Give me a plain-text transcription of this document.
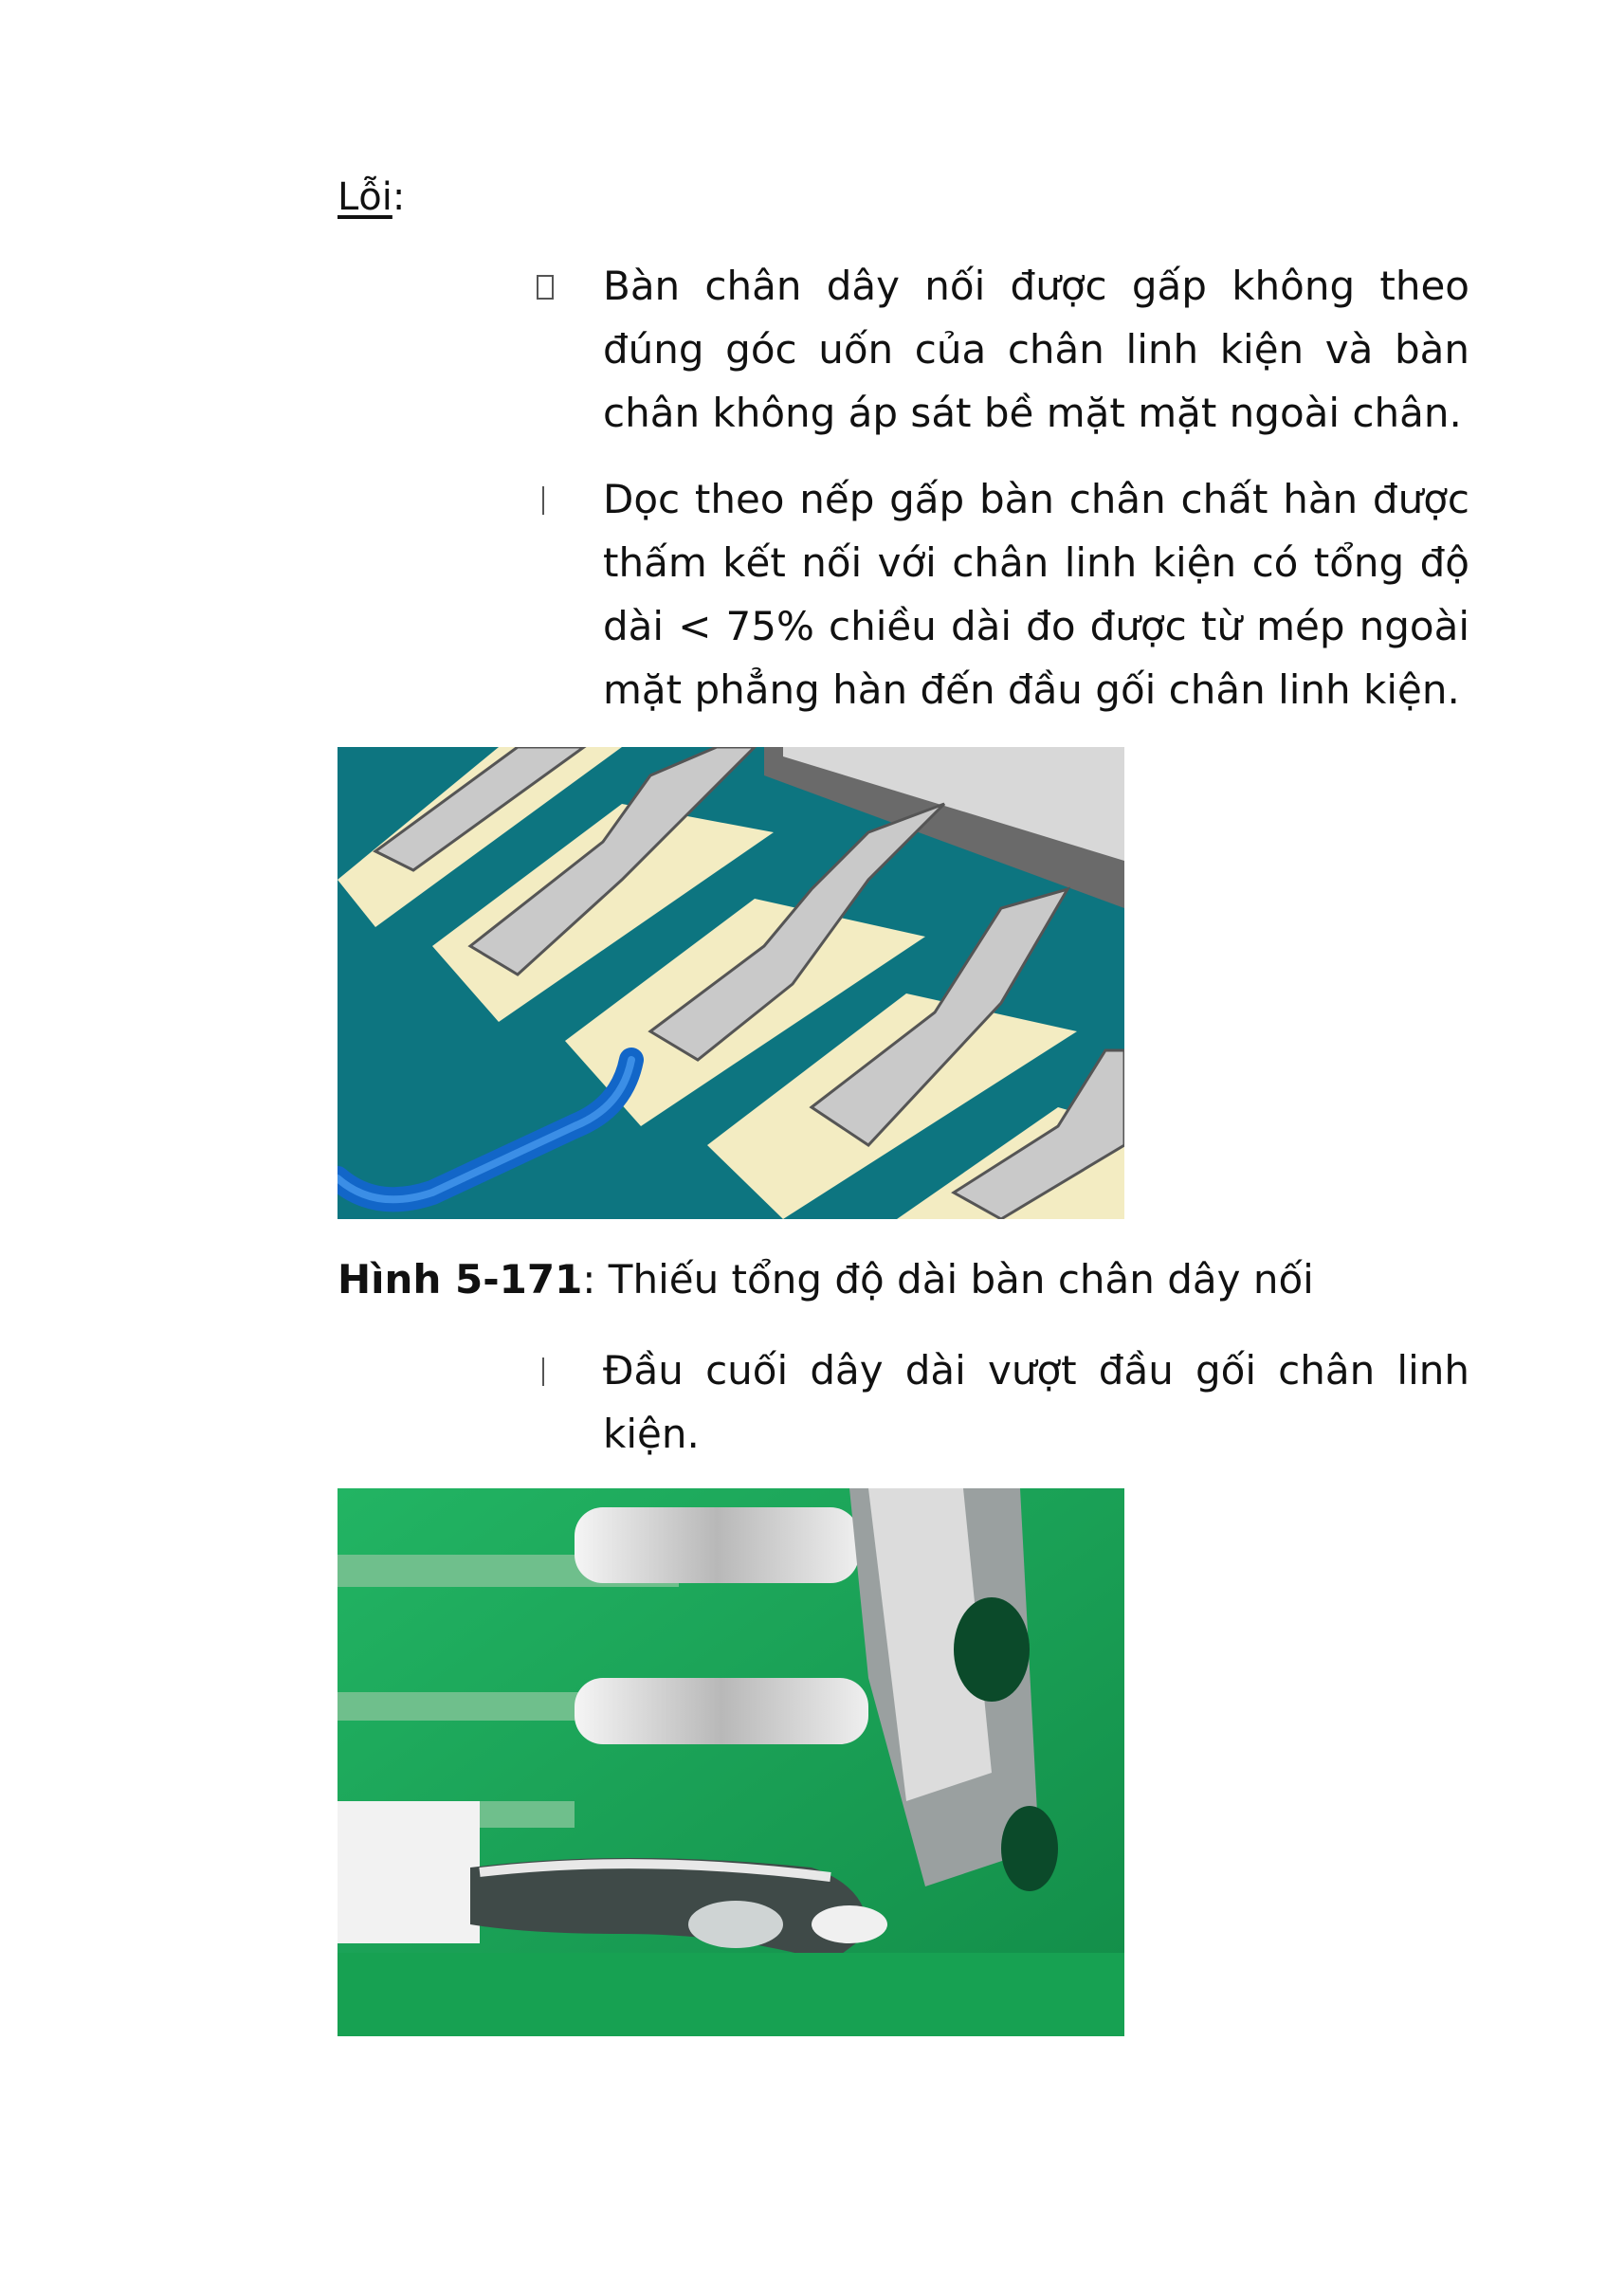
Lỗi:
Bàn chân dây nối được gấp không theo đúng góc uốn của chân linh kiện và bàn chân không áp sát bề mặt mặt ngoài chân.
Dọc theo nếp gấp bàn chân chất hàn được thấm kết nối với chân linh kiện có tổng độ dài < 75% chiều dài đo được từ mép ngoài mặt phẳng hàn đến đầu gối chân linh kiện.
Hình 5-171: Thiếu tổng độ dài bàn chân dây nối
Đầu cuối dây dài vượt đầu gối chân linh kiện.
